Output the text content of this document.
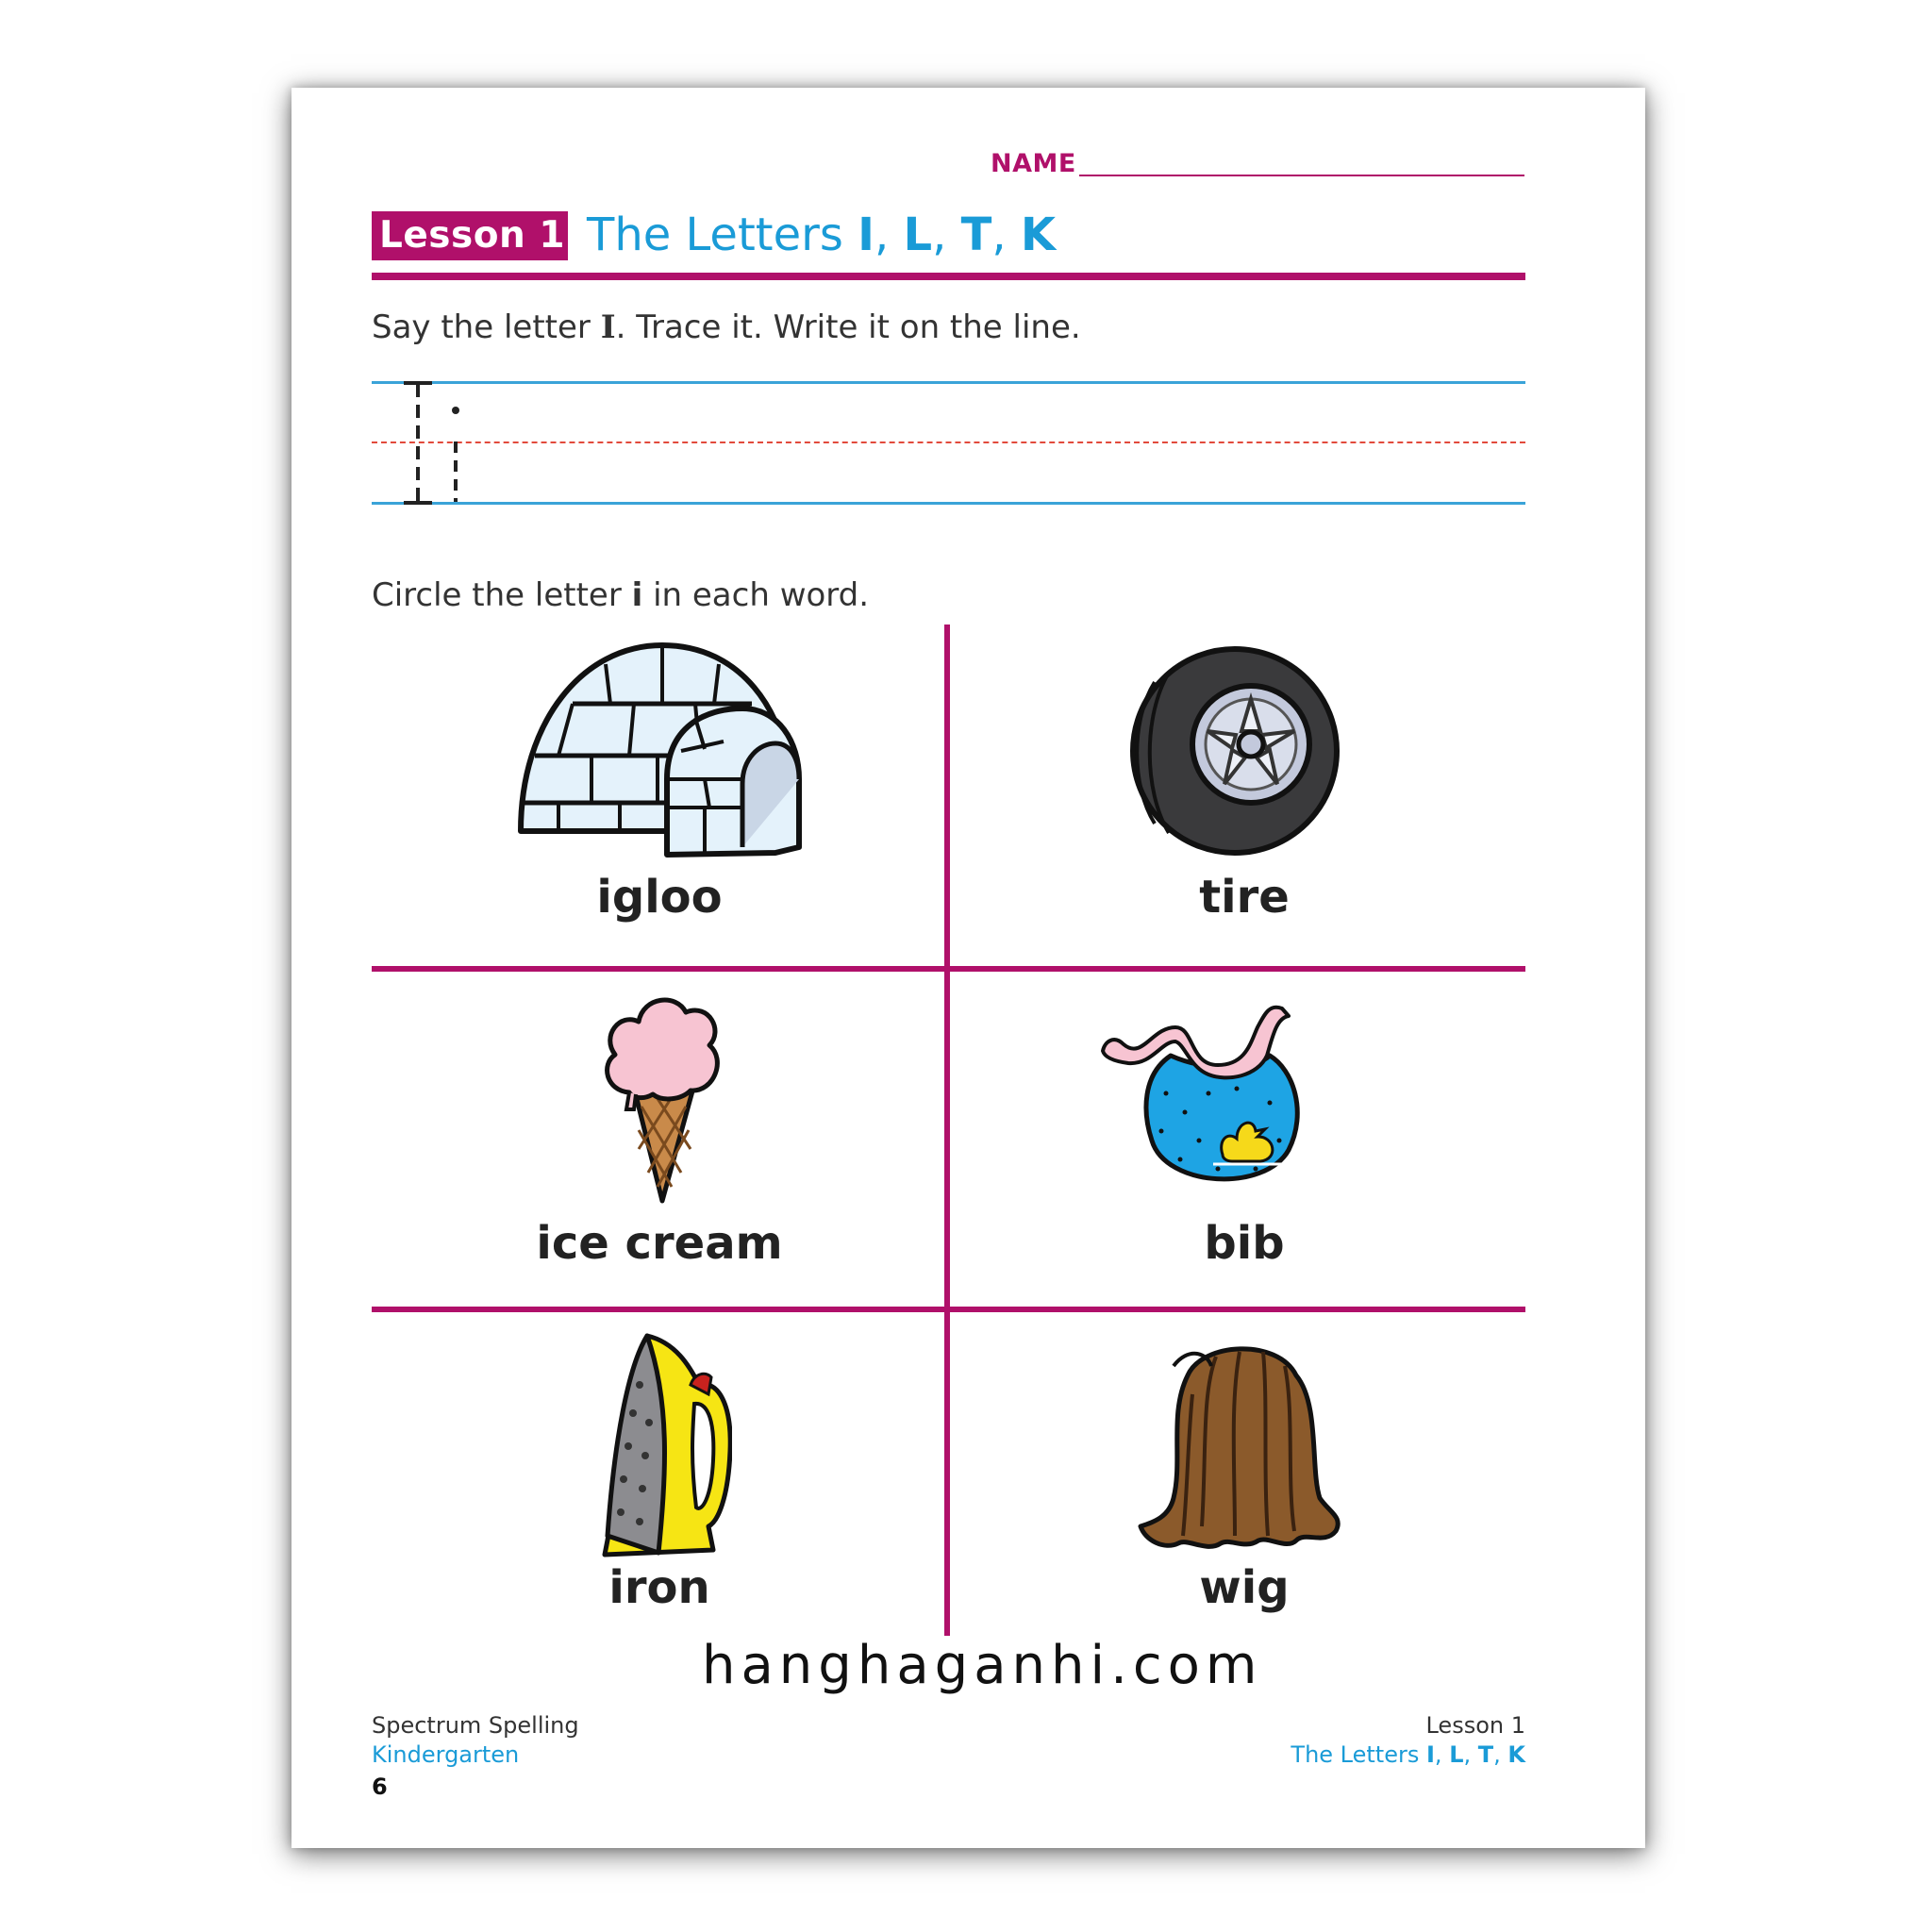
NAME
Lesson 1 The Letters I, L, T, K
Say the letter I. Trace it. Write it on the line.
Circle the letter i in each word.
igloo	tire
ice cream	bib
iron	wig
hanghaganhi.com
Spectrum Spelling
Kindergarten
6
Lesson 1
The Letters I, L, T, K
